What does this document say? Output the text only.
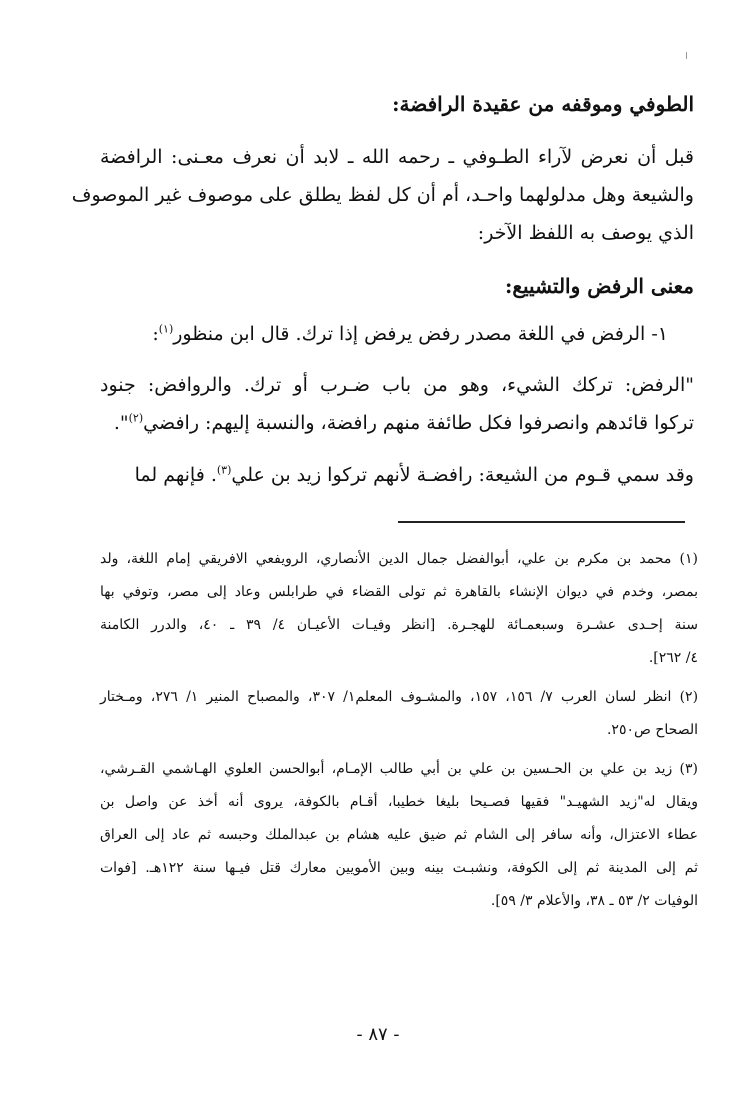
الطوفي وموقفه من عقيدة الرافضة:
قبل أن نعرض لآراء الطـوفي ـ رحمه الله ـ لابد أن نعرف معـنى: الرافضة
والشيعة وهل مدلولهما واحـد، أم أن كل لفظ يطلق على موصوف غير الموصوف
الذي يوصف به اللفظ الآخر:
معنى الرفض والتشييع:
١- الرفض في اللغة مصدر رفض يرفض إذا ترك. قال ابن منظور$^{(١)}$:
"الرفض: تركك الشيء، وهو من باب ضـرب أو ترك. والروافض: جنود
تركوا قائدهم وانصرفوا فكل طائفة منهم رافضة، والنسبة إليهم: رافضي$^{(٢)}$".
وقد سمي قـوم من الشيعة: رافضـة لأنهم تركوا زيد بن علي$^{(٣)}$. فإنهم لما
(١) محمد بن مكرم بن علي، أبوالفضل جمال الدين الأنصاري، الرويفعي الافريقي إمام اللغة، ولد
بمصر، وخدم في ديوان الإنشاء بالقاهرة ثم تولى القضاء في طرابلس وعاد إلى مصر، وتوفي بها
سنة إحـدى عشـرة وسبعمـائة للهجـرة. [انظر وفيـات الأعيـان ٤/ ٣٩ ـ ٤٠، والدرر الكامنة
٤/ ٢٦٢].
(٢) انظر لسان العرب ٧/ ١٥٦، ١٥٧، والمشـوف المعلم١/ ٣٠٧، والمصباح المنير ١/ ٢٧٦، ومـختار
الصحاح ص٢٥٠.
(٣) زيد بن علي بن الحـسين بن علي بن أبي طالب الإمـام، أبوالحسن العلوي الهـاشمي القـرشي،
ويقال له"زيد الشهيـد" فقيها فصـيحا بليغا خطيبا، أقـام بالكوفة، يروى أنه أخذ عن واصل بن
عطاء الاعتزال، وأنه سافر إلى الشام ثم ضيق عليه هشام بن عبدالملك وحبسه ثم عاد إلى العراق
ثم إلى المدينة ثم إلى الكوفة، ونشبـت بينه وبين الأمويين معارك قتل فيـها سنة ١٢٢هـ. [فوات
الوفيات ٢/ ٥٣ ـ ٣٨، والأعلام ٣/ ٥٩].
- ٨٧ -
